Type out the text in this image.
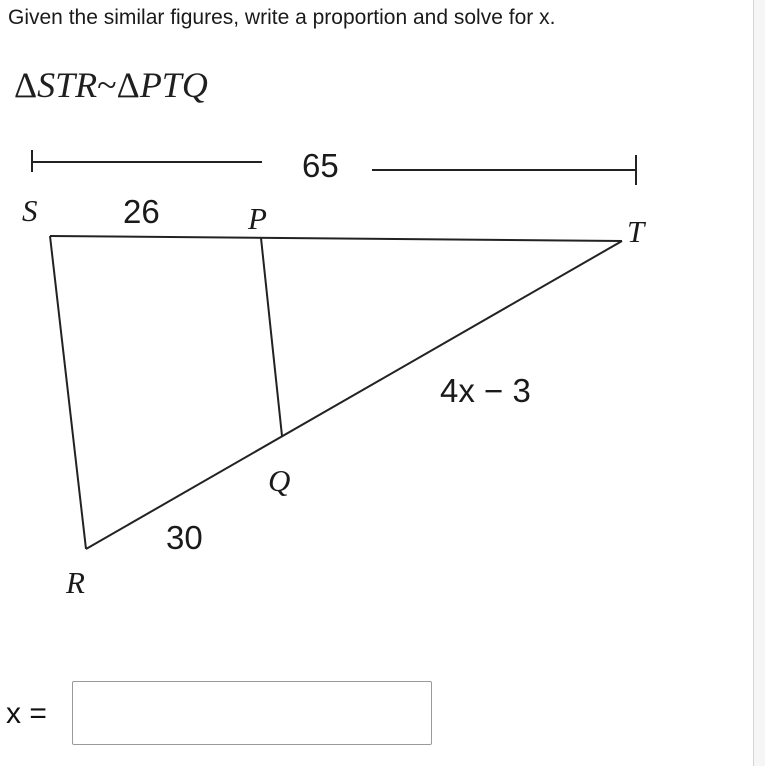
Given the similar figures, write a proportion and solve for x.
ΔSTR~ΔPTQ
65
S	26	P	T
4x − 3
Q
30
R
x =
